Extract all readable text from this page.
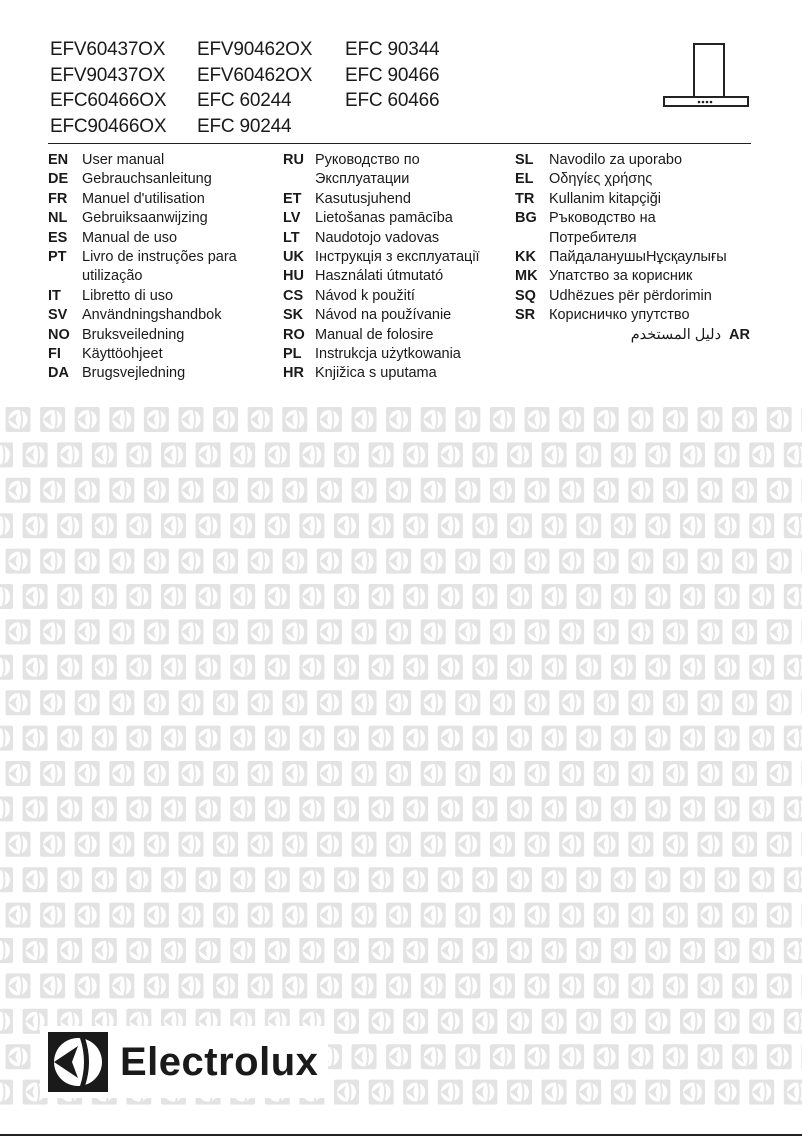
EFV60437OX	EFV90462OX	EFC 90344
EFV90437OX	EFV60462OX	EFC 90466
EFC60466OX	EFC 60244	EFC 60466
EFC90466OX	EFC 90244
EN User manual
DE Gebrauchsanleitung
FR	Manuel d'utilisation
NL	Gebruiksaanwijzing
ES	Manual de uso
PT	Livro de instruções para
utilização
IT	Libretto di uso
SV	Användningshandbok
NO Bruksveiledning
FI	Käyttöohjeet
DA Brugsvejledning
RU Руководство по
Эксплуатации
ET Kasutusjuhend
LV	Lietošanas pamācība
LT	Naudotojo vadovas
UK Інструкція з експлуатації
HU Használati útmutató
CS Návod k použití
SK Návod na používanie
RO Manual de folosire
PL Instrukcja użytkowania
HR Knjižica s uputama
SL	Navodilo za uporabo
EL	Οδηγίες χρήσης
TR	Kullanim kitapçiği
BG Ръководство на
Потребителя
KK ПайдаланушыНұсқаулығы
MK Упатство за корисник
SQ Udhëzues për përdorimin
SR Корисничко упутство
دليل المستخدم AR
Electrolux
